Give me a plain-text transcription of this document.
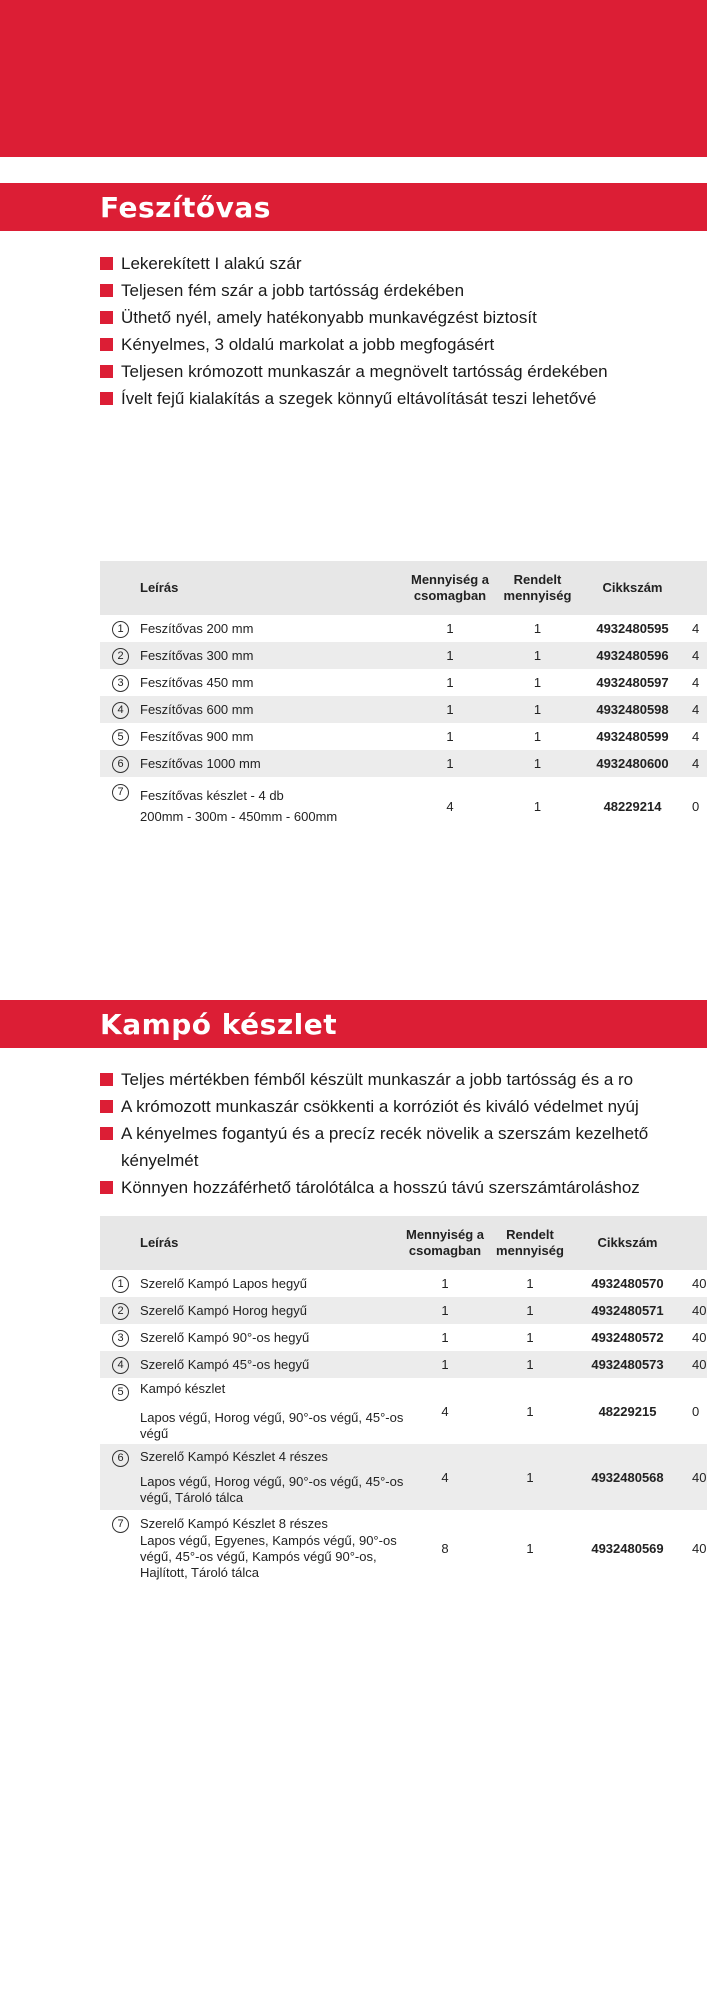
Feszítővas
Lekerekített I alakú szár
Teljesen fém szár a jobb tartósság érdekében
Üthető nyél, amely hatékonyabb munkavégzést biztosít
Kényelmes, 3 oldalú markolat a jobb megfogásért
Teljesen krómozott munkaszár a megnövelt tartósság érdekében
Ívelt fejű kialakítás a szegek könnyű eltávolítását teszi lehetővé
Leírás	Mennyiség a csomagban	Rendelt mennyiség	Cikkszám	

1 Feszítővas 200 mm	1	1	4932480595	4

2 Feszítővas 300 mm	1	1	4932480596	4

3 Feszítővas 450 mm	1	1	4932480597	4

4 Feszítővas 600 mm	1	1	4932480598	4

5 Feszítővas 900 mm	1	1	4932480599	4

6 Feszítővas 1000 mm	1	1	4932480600	4

7 Feszítővas készlet - 4 db
200mm - 300m - 450mm - 600mm	4	1	48229214	0
Kampó készlet
Teljes mértékben fémből készült munkaszár a jobb tartósság és a ro
A krómozott munkaszár csökkenti a korróziót és kiváló védelmet nyúj
A kényelmes fogantyú és a precíz recék növelik a szerszám kezelhető
kényelmét
Könnyen hozzáférhető tárolótálca a hosszú távú szerszámtároláshoz
Leírás	Mennyiség a csomagban	Rendelt mennyiség	Cikkszám	

1 Szerelő Kampó Lapos hegyű	1	1	4932480570	40

2 Szerelő Kampó Horog hegyű	1	1	4932480571	40

3 Szerelő Kampó 90°-os hegyű	1	1	4932480572	40

4 Szerelő Kampó 45°-os hegyű	1	1	4932480573	40

5 Kampó készlet
Lapos végű, Horog végű, 90°-os végű, 45°-os végű	4	1	48229215	0

6 Szerelő Kampó Készlet 4 részes
Lapos végű, Horog végű, 90°-os végű, 45°-os végű, Tároló tálca	4	1	4932480568	40

7 Szerelő Kampó Készlet 8 részes
Lapos végű, Egyenes, Kampós végű, 90°-os végű, 45°-os végű, Kampós végű 90°-os, Hajlított, Tároló tálca	8	1	4932480569	40
